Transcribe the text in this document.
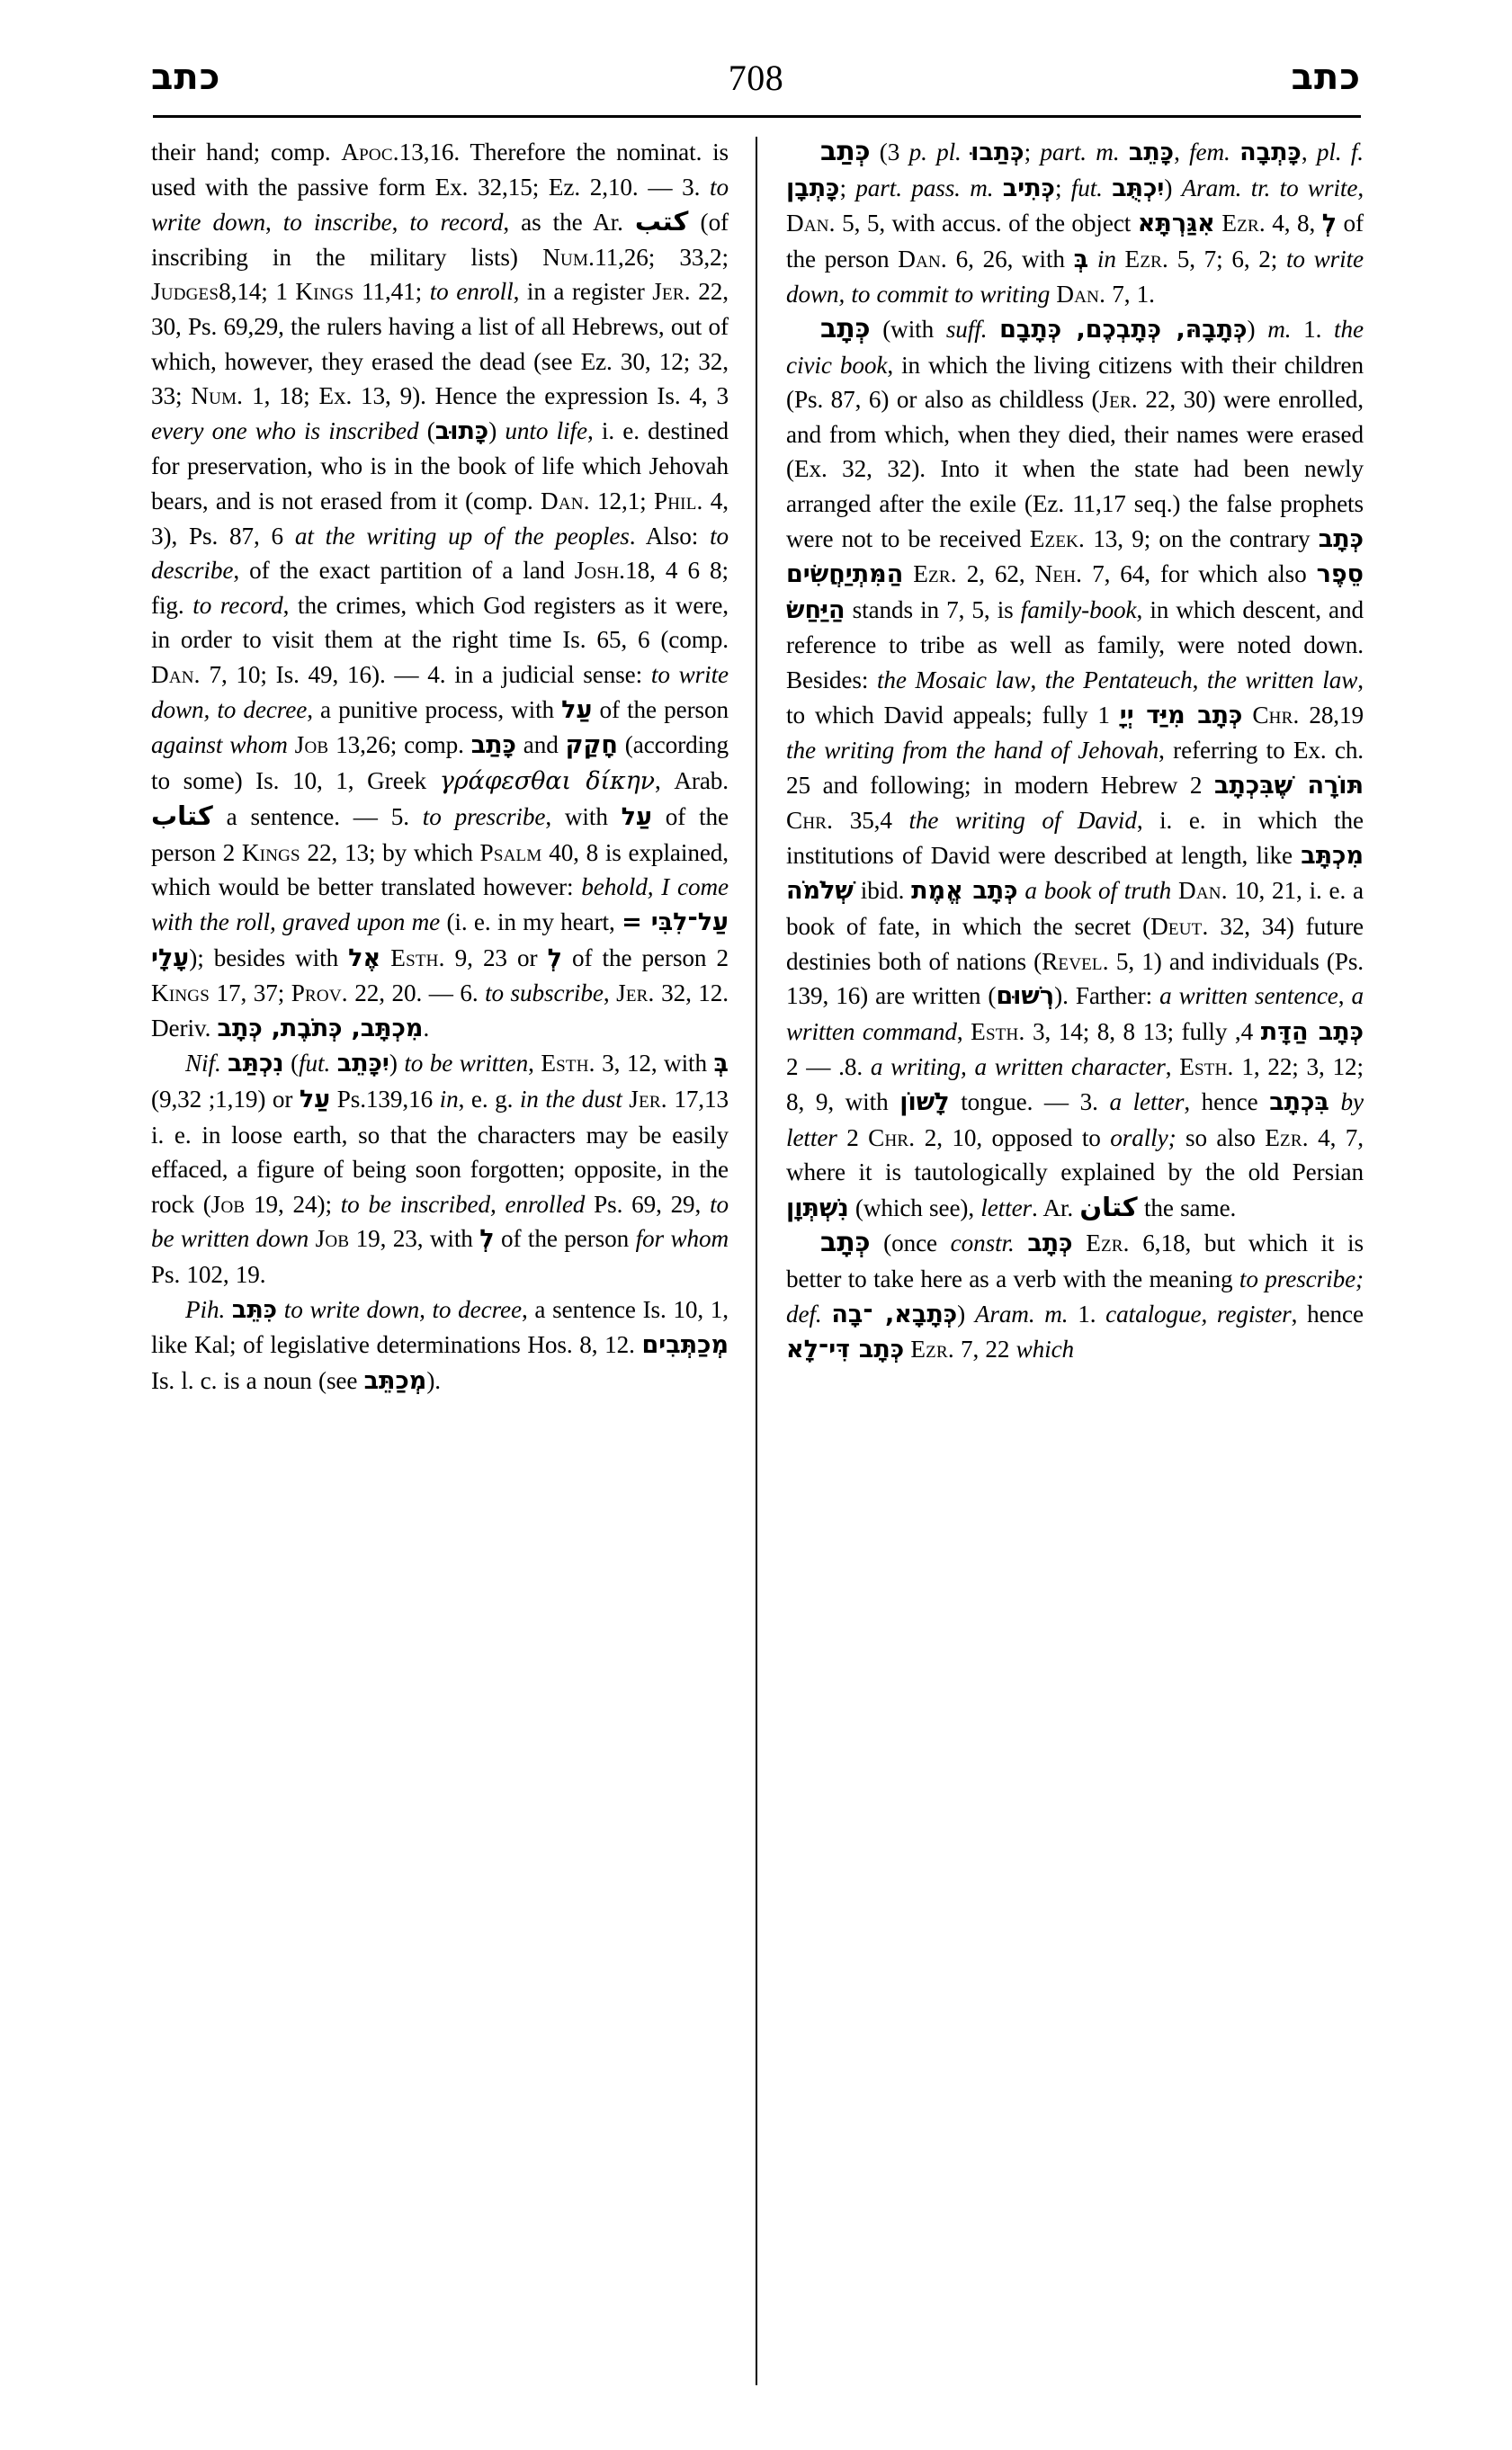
כתב	708	כתב

their hand; comp. Apoc.13,16. Therefore the nominat. is used with the passive form Ex. 32,15; Ez. 2,10. — 3. to write down, to inscribe, to record, as the Ar. كتب (of inscribing in the military lists) Num.11,26; 33,2; Judges8,14; 1 Kings 11,41; to enroll, in a register Jer. 22, 30, Ps. 69,29, the rulers having a list of all Hebrews, out of which, however, they erased the dead (see Ez. 30, 12; 32, 33; Num. 1, 18; Ex. 13, 9). Hence the expression Is. 4, 3 every one who is inscribed (כָּתוּב) unto life, i. e. destined for preservation, who is in the book of life which Jehovah bears, and is not erased from it (comp. Dan. 12,1; Phil. 4, 3), Ps. 87, 6 at the writing up of the peoples. Also: to describe, of the exact partition of a land Josh.18, 4 6 8; fig. to record, the crimes, which God registers as it were, in order to visit them at the right time Is. 65, 6 (comp. Dan. 7, 10; Is. 49, 16). — 4. in a judicial sense: to write down, to decree, a punitive process, with עַל of the person against whom Job 13,26; comp. כָּתַב and חָקַק (according to some) Is. 10, 1, Greek γράφεσθαι δίκην, Arab. كتاب a sentence. — 5. to prescribe, with עַל of the person 2 Kings 22, 13; by which Psalm 40, 8 is explained, which would be better translated however: behold, I come with the roll, graved upon me (i. e. in my heart, עַל־לִבִּי = עָלָי); besides with אֶל Esth. 9, 23 or לְ of the person 2 Kings 17, 37; Prov. 22, 20. — 6. to subscribe, Jer. 32, 12. Deriv. מִכְתָּב, כְּתֹבֶת, כְּתָב.

Nif. נִכְתַּב (fut. יִכָּתֵב) to be written, Esth. 3, 12, with בְּ (1,19; 9,32) or עַל Ps.139,16 in, e. g. in the dust Jer. 17,13 i. e. in loose earth, so that the characters may be easily effaced, a figure of being soon forgotten; opposite, in the rock (Job 19, 24); to be inscribed, enrolled Ps. 69, 29, to be written down Job 19, 23, with לְ of the person for whom Ps. 102, 19.

Pih. כִּתֵּב to write down, to decree, a sentence Is. 10, 1, like Kal; of legislative determinations Hos. 8, 12. מְכַתְּבִים Is. l. c. is a noun (see מְכַתֵּב).

כְּתַב (3 p. pl. כְּתַבוּ; part. m. כָּתֵב, fem. כָּתְבָה, pl. f. כָּתְבָן; part. pass. m. כְּתִיב; fut. יִכְתֻּב) Aram. tr. to write, Dan. 5, 5, with accus. of the object אִגַּרְתָּא Ezr. 4, 8, לְ of the person Dan. 6, 26, with בְּ in Ezr. 5, 7; 6, 2; to write down, to commit to writing Dan. 7, 1.

כְּתָב (with suff. כְּתָבָהּ, כְּתָבְכֶם, כְּתָבָם) m. 1. the civic book, in which the living citizens with their children (Ps. 87, 6) or also as childless (Jer. 22, 30) were enrolled, and from which, when they died, their names were erased (Ex. 32, 32). Into it when the state had been newly arranged after the exile (Ez. 11,17 seq.) the false prophets were not to be received Ezek. 13, 9; on the contrary כְּתָב הַמִּתְיַחֲשִׂים Ezr. 2, 62, Neh. 7, 64, for which also סֵפֶר הַיַּחַשׂ stands in 7, 5, is family-book, in which descent, and reference to tribe as well as family, were noted down. Besides: the Mosaic law, the Pentateuch, the written law, to which David appeals; fully כְּתָב מִיַּד יְיָ 1 Chr. 28,19 the writing from the hand of Jehovah, referring to Ex. ch. 25 and following; in modern Hebrew תּוֹרָה שֶׁבִּכְתָב 2 Chr. 35,4 the writing of David, i. e. in which the institutions of David were described at length, like מִכְתָּב שְׁלֹמֹה ibid. כְּתָב אֱמֶת a book of truth Dan. 10, 21, i. e. a book of fate, in which the secret (Deut. 32, 34) future destinies both of nations (Revel. 5, 1) and individuals (Ps. 139, 16) are written (רְשׁוּם). Farther: a written sentence, a written command, Esth. 3, 14; 8, 8 13; fully כְּתָב הַדָּת 4, 8. — 2. a writing, a written character, Esth. 1, 22; 3, 12; 8, 9, with לָשׁוֹן tongue. — 3. a letter, hence בִּכְתָב by letter 2 Chr. 2, 10, opposed to orally; so also Ezr. 4, 7, where it is tautologically explained by the old Persian נִשְׁתְּוָן (which see), letter. Ar. كتان the same.

כְּתָב (once constr. כְּתָב Ezr. 6,18, but which it is better to take here as a verb with the meaning to prescribe; def. כְּתָבָא, ־בָה) Aram. m. 1. catalogue, register, hence כְּתָב דִּי־לָא Ezr. 7, 22 which
